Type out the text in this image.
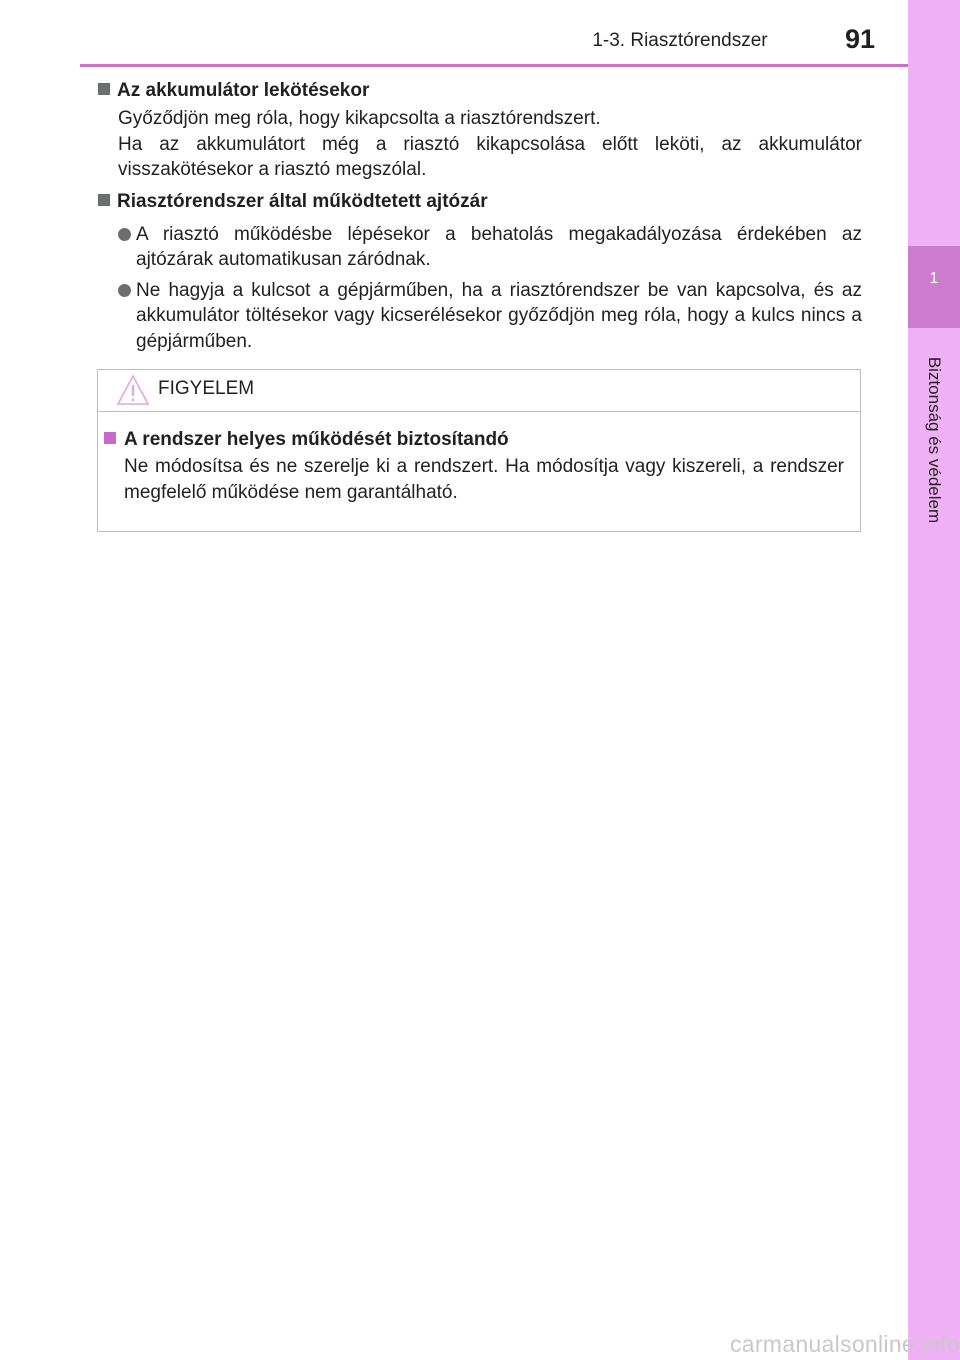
1-3. Riasztórendszer	91
1
Biztonság és védelem
Az akkumulátor lekötésekor

Győződjön meg róla, hogy kikapcsolta a riasztórendszert.

Ha az akkumulátort még a riasztó kikapcsolása előtt leköti, az akkumulátor visszakötésekor a riasztó megszólal.

Riasztórendszer által működtetett ajtózár
A riasztó működésbe lépésekor a behatolás megakadályozása érdekében az ajtózárak automatikusan záródnak.
Ne hagyja a kulcsot a gépjárműben, ha a riasztórendszer be van kapcsolva, és az akkumulátor töltésekor vagy kicserélésekor győződjön meg róla, hogy a kulcs nincs a gépjárműben.
FIGYELEM
A rendszer helyes működését biztosítandó

Ne módosítsa és ne szerelje ki a rendszert. Ha módosítja vagy kiszereli, a rendszer megfelelő működése nem garantálható.

carmanualsonline.info
